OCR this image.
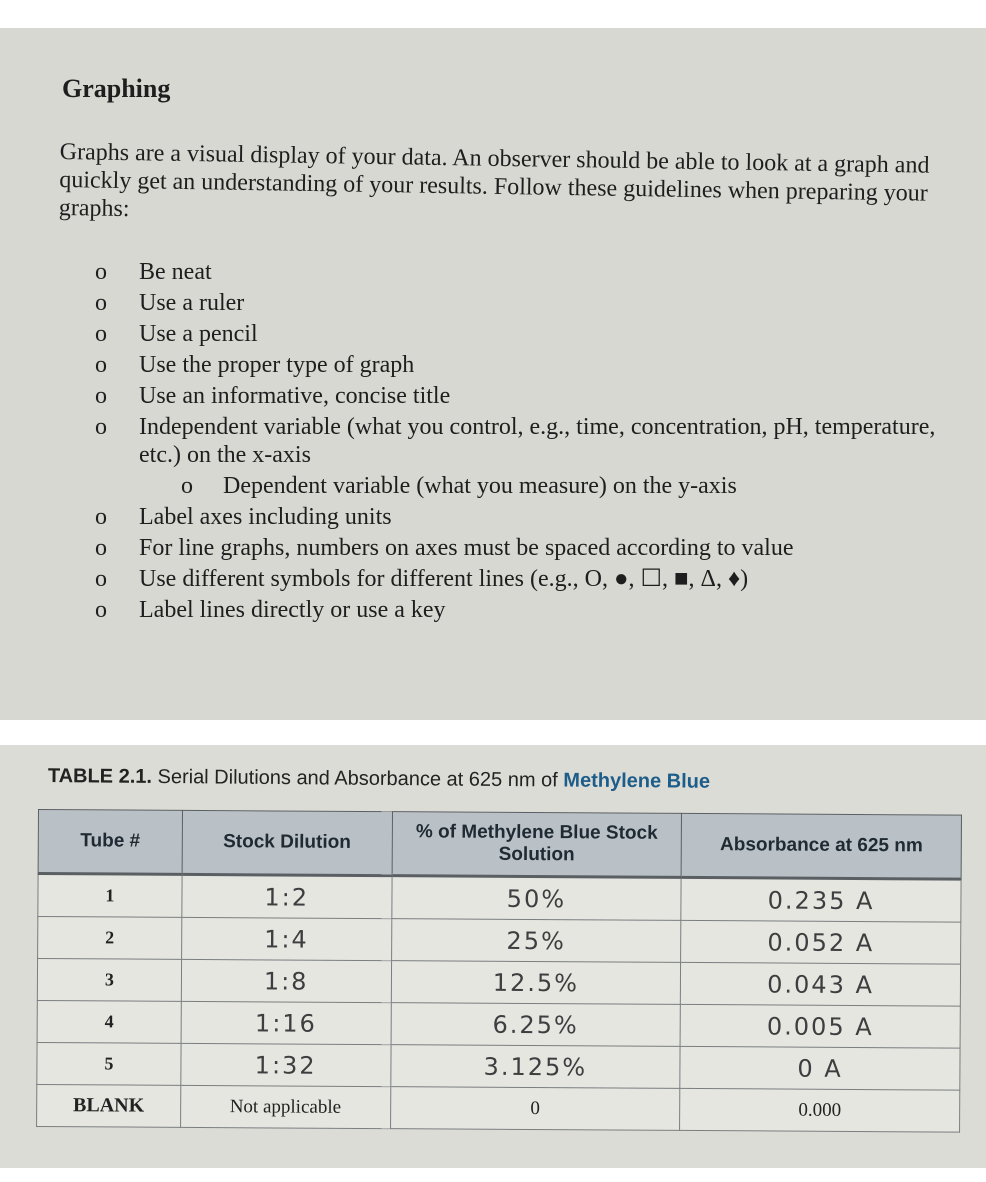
Graphing
Graphs are a visual display of your data. An observer should be able to look at a graph and quickly get an understanding of your results. Follow these guidelines when preparing your graphs:
o Be neat
o Use a ruler
o Use a pencil
o Use the proper type of graph
o Use an informative, concise title
o Independent variable (what you control, e.g., time, concentration, pH, temperature, etc.) on the x-axis
o Dependent variable (what you measure) on the y-axis
o Label axes including units
o For line graphs, numbers on axes must be spaced according to value
o Use different symbols for different lines (e.g., O, ●, ☐, ■, Δ, ♦)
o Label lines directly or use a key
TABLE 2.1. Serial Dilutions and Absorbance at 625 nm of Methylene Blue
Tube #	Stock Dilution	% of Methylene Blue Stock Solution	Absorbance at 625 nm
1	1:2	50%	0.235 A
2	1:4	25%	0.052 A
3	1:8	12.5%	0.043 A
4	1:16	6.25%	0.005 A
5	1:32	3.125%	0 A
BLANK	Not applicable	0	0.000
